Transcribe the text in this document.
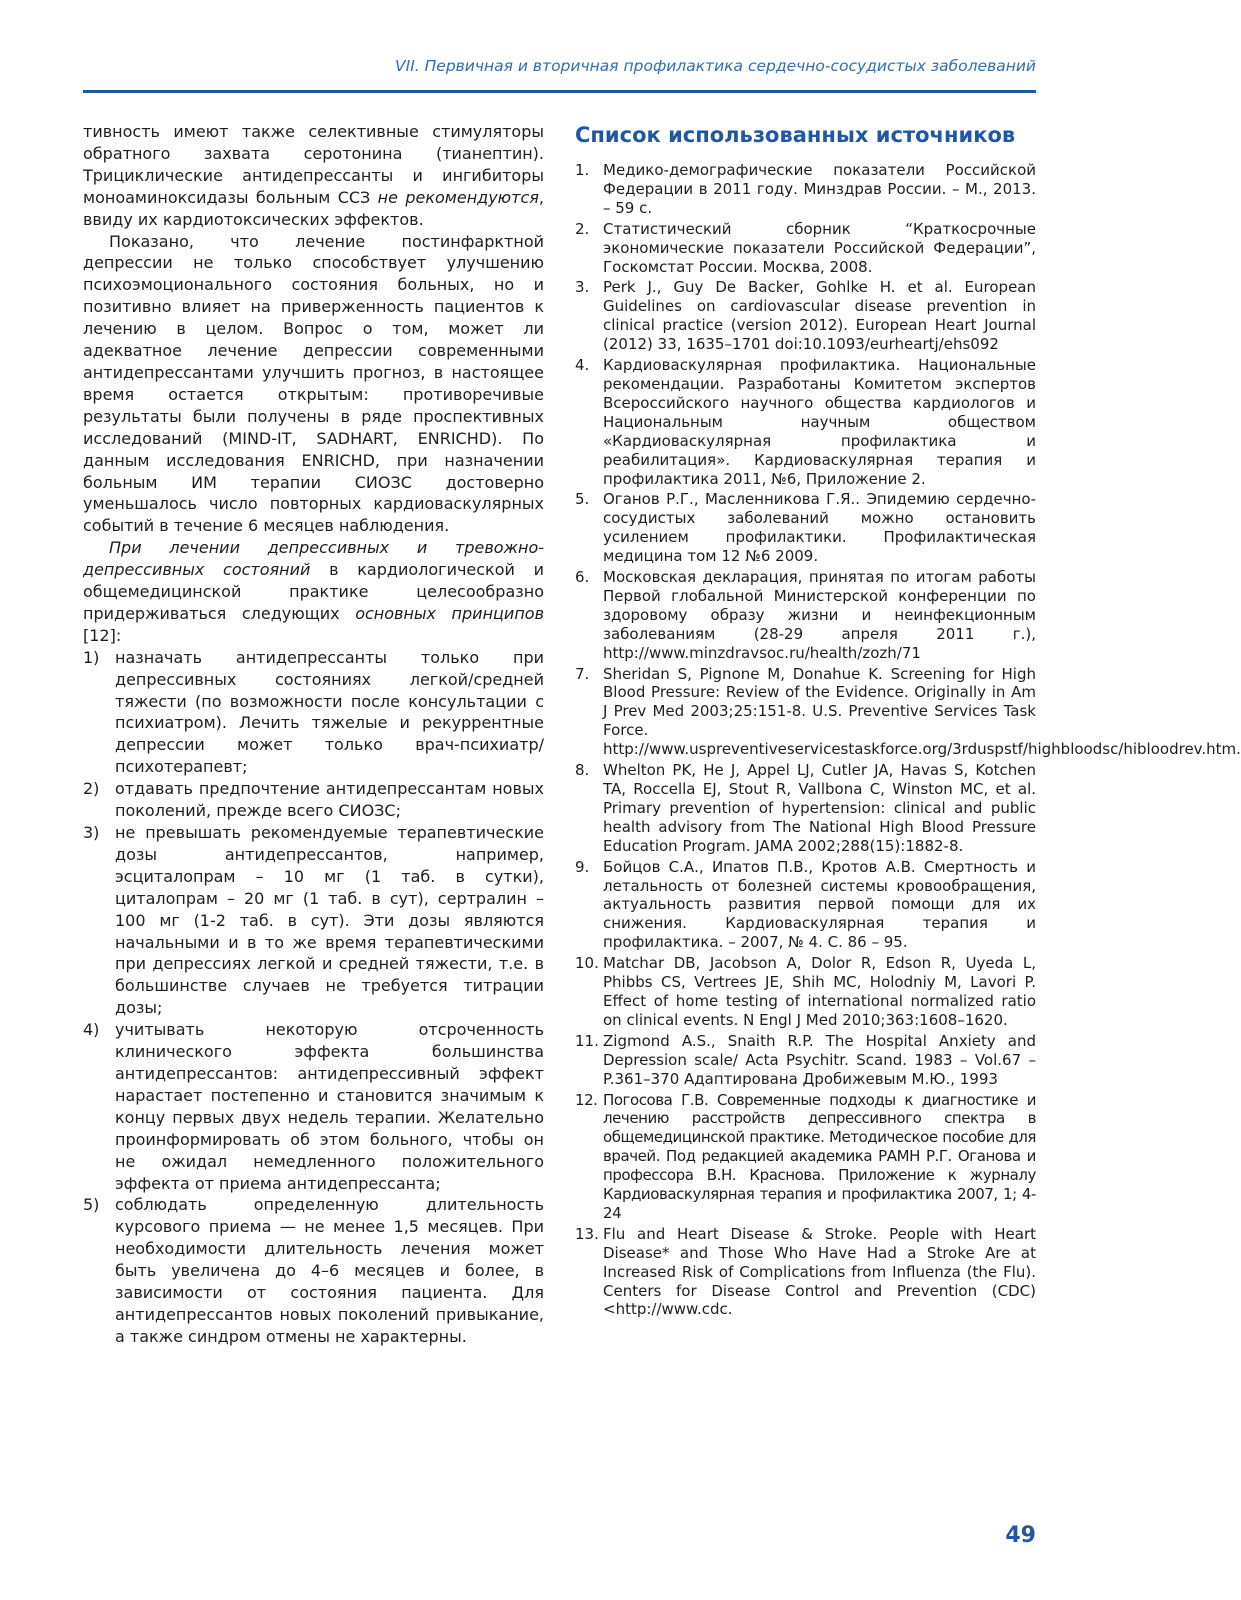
VII. Первичная и вторичная профилактика сердечно-сосудистых заболеваний

тивность имеют также селективные стимуляторы обратного захвата серотонина (тианептин). Трициклические антидепрессанты и ингибиторы моноаминоксидазы больным ССЗ не рекомендуются, ввиду их кардиотоксических эффектов.

Показано, что лечение постинфарктной депрессии не только способствует улучшению психоэмоционального состояния больных, но и позитивно влияет на приверженность пациентов к лечению в целом. Вопрос о том, может ли адекватное лечение депрессии современными антидепрессантами улучшить прогноз, в настоящее время остается открытым: противоречивые результаты были получены в ряде проспективных исследований (MIND-IT, SADHART, ENRICHD). По данным исследования ENRICHD, при назначении больным ИМ терапии СИОЗС достоверно уменьшалось число повторных кардиоваскулярных событий в течение 6 месяцев наблюдения.

При лечении депрессивных и тревожно-депрессивных состояний в кардиологической и общемедицинской практике целесообразно придерживаться следующих основных принципов [12]:

1) назначать антидепрессанты только при депрессивных состояниях легкой/средней тяжести (по возможности после консультации с психиатром). Лечить тяжелые и рекуррентные депрессии может только врач-психиатр/психотерапевт;
2) отдавать предпочтение антидепрессантам новых поколений, прежде всего СИОЗС;
3) не превышать рекомендуемые терапевтические дозы антидепрессантов, например, эсциталопрам – 10 мг (1 таб. в сутки), циталопрам – 20 мг (1 таб. в сут), сертралин – 100 мг (1-2 таб. в сут). Эти дозы являются начальными и в то же время терапевтическими при депрессиях легкой и средней тяжести, т.е. в большинстве случаев не требуется титрации дозы;
4) учитывать некоторую отсроченность клинического эффекта большинства антидепрессантов: антидепрессивный эффект нарастает постепенно и становится значимым к концу первых двух недель терапии. Желательно проинформировать об этом больного, чтобы он не ожидал немедленного положительного эффекта от приема антидепрессанта;
5) соблюдать определенную длительность курсового приема — не менее 1,5 месяцев. При необходимости длительность лечения может быть увеличена до 4–6 месяцев и более, в зависимости от состояния пациента. Для антидепрессантов новых поколений привыкание, а также синдром отмены не характерны.
Список использованных источников
1. Медико-демографические показатели Российской Федерации в 2011 году. Минздрав России. – М., 2013. – 59 с.
2. Статистический сборник “Краткосрочные экономические показатели Российской Федерации”, Госкомстат России. Москва, 2008.
3. Perk J., Guy De Backer, Gohlke H. et al. European Guidelines on cardiovascular disease prevention in clinical practice (version 2012). European Heart Journal (2012) 33, 1635–1701 doi:10.1093/eurheartj/ehs092
4. Кардиоваскулярная профилактика. Национальные рекомендации. Разработаны Комитетом экспертов Всероссийского научного общества кардиологов и Национальным научным обществом «Кардиоваскулярная профилактика и реабилитация». Кардиоваскулярная терапия и профилактика 2011, №6, Приложение 2.
5. Оганов Р.Г., Масленникова Г.Я.. Эпидемию сердечно-сосудистых заболеваний можно остановить усилением профилактики. Профилактическая медицина том 12 №6 2009.
6. Московская декларация, принятая по итогам работы Первой глобальной Министерской конференции по здоровому образу жизни и неинфекционным заболеваниям (28-29 апреля 2011 г.), http://www.minzdravsoc.ru/health/zozh/71
7. Sheridan S, Pignone M, Donahue K. Screening for High Blood Pressure: Review of the Evidence. Originally in Am J Prev Med 2003;25:151-8. U.S. Preventive Services Task Force. http://www.uspreventiveservicestaskforce.org/3rduspstf/highbloodsc/hibloodrev.htm.
8. Whelton PK, He J, Appel LJ, Cutler JA, Havas S, Kotchen TA, Roccella EJ, Stout R, Vallbona C, Winston MC, et al. Primary prevention of hypertension: clinical and public health advisory from The National High Blood Pressure Education Program. JAMA 2002;288(15):1882-8.
9. Бойцов С.А., Ипатов П.В., Кротов А.В. Смертность и летальность от болезней системы кровообращения, актуальность развития первой помощи для их снижения. Кардиоваскулярная терапия и профилактика. – 2007, № 4. С. 86 – 95.
10. Matchar DB, Jacobson A, Dolor R, Edson R, Uyeda L, Phibbs CS, Vertrees JE, Shih MC, Holodniy M, Lavori P. Effect of home testing of international normalized ratio on clinical events. N Engl J Med 2010;363:1608–1620.
11. Zigmond A.S., Snaith R.P. The Hospital Anxiety and Depression scale/ Acta Psychitr. Scand. 1983 – Vol.67 – P.361–370 Адаптирована Дробижевым М.Ю., 1993
12. Погосова Г.В. Современные подходы к диагностике и лечению расстройств депрессивного спектра в общемедицинской практике. Методическое пособие для врачей. Под редакцией академика РАМН Р.Г. Оганова и профессора В.Н. Краснова. Приложение к журналу Кардиоваскулярная терапия и профилактика 2007, 1; 4-24
13. Flu and Heart Disease & Stroke. People with Heart Disease* and Those Who Have Had a Stroke Are at Increased Risk of Complications from Influenza (the Flu). Centers for Disease Control and Prevention (CDC) <http://www.cdc.
49
